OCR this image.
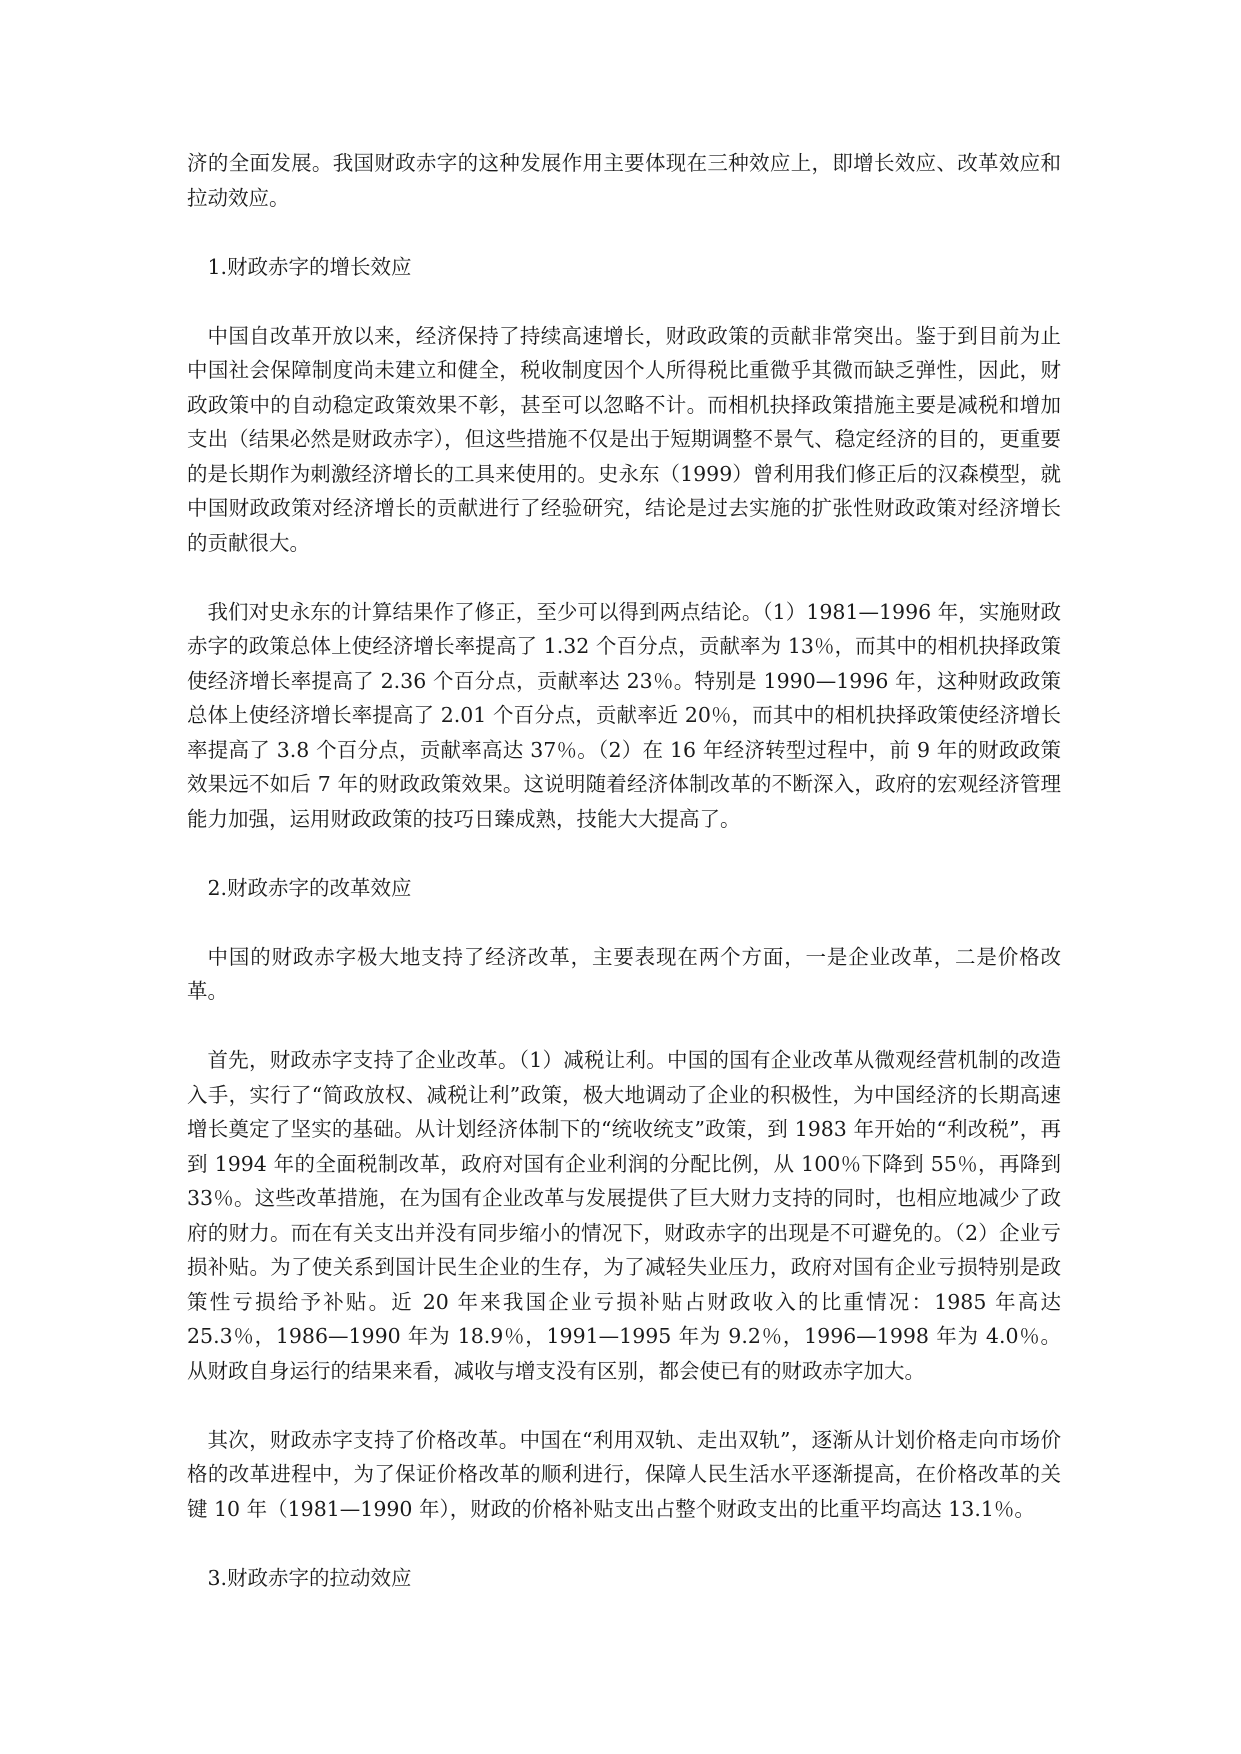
济的全面发展。我国财政赤字的这种发展作用主要体现在三种效应上，即增长效应、改革效应和拉动效应。

1.财政赤字的增长效应

中国自改革开放以来，经济保持了持续高速增长，财政政策的贡献非常突出。鉴于到目前为止中国社会保障制度尚未建立和健全，税收制度因个人所得税比重微乎其微而缺乏弹性，因此，财政政策中的自动稳定政策效果不彰，甚至可以忽略不计。而相机抉择政策措施主要是减税和增加支出（结果必然是财政赤字），但这些措施不仅是出于短期调整不景气、稳定经济的目的，更重要的是长期作为刺激经济增长的工具来使用的。史永东（1999）曾利用我们修正后的汉森模型，就中国财政政策对经济增长的贡献进行了经验研究，结论是过去实施的扩张性财政政策对经济增长的贡献很大。

我们对史永东的计算结果作了修正，至少可以得到两点结论。（1）1981—1996 年，实施财政赤字的政策总体上使经济增长率提高了 1.32 个百分点，贡献率为 13％，而其中的相机抉择政策使经济增长率提高了 2.36 个百分点，贡献率达 23％。特别是 1990—1996 年，这种财政政策总体上使经济增长率提高了 2.01 个百分点，贡献率近 20％，而其中的相机抉择政策使经济增长率提高了 3.8 个百分点，贡献率高达 37％。（2）在 16 年经济转型过程中，前 9 年的财政政策效果远不如后 7 年的财政政策效果。这说明随着经济体制改革的不断深入，政府的宏观经济管理能力加强，运用财政政策的技巧日臻成熟，技能大大提高了。

2.财政赤字的改革效应

中国的财政赤字极大地支持了经济改革，主要表现在两个方面，一是企业改革，二是价格改革。

首先，财政赤字支持了企业改革。（1）减税让利。中国的国有企业改革从微观经营机制的改造入手，实行了“简政放权、减税让利”政策，极大地调动了企业的积极性，为中国经济的长期高速增长奠定了坚实的基础。从计划经济体制下的“统收统支”政策，到 1983 年开始的“利改税”，再到 1994 年的全面税制改革，政府对国有企业利润的分配比例，从 100％下降到 55％，再降到 33％。这些改革措施，在为国有企业改革与发展提供了巨大财力支持的同时，也相应地减少了政府的财力。而在有关支出并没有同步缩小的情况下，财政赤字的出现是不可避免的。（2）企业亏损补贴。为了使关系到国计民生企业的生存，为了减轻失业压力，政府对国有企业亏损特别是政策性亏损给予补贴。近 20 年来我国企业亏损补贴占财政收入的比重情况：1985 年高达 25.3％，1986—1990 年为 18.9％，1991—1995 年为 9.2％，1996—1998 年为 4.0％。从财政自身运行的结果来看，减收与增支没有区别，都会使已有的财政赤字加大。

其次，财政赤字支持了价格改革。中国在“利用双轨、走出双轨”，逐渐从计划价格走向市场价格的改革进程中，为了保证价格改革的顺利进行，保障人民生活水平逐渐提高，在价格改革的关键 10 年（1981—1990 年），财政的价格补贴支出占整个财政支出的比重平均高达 13.1％。

3.财政赤字的拉动效应
